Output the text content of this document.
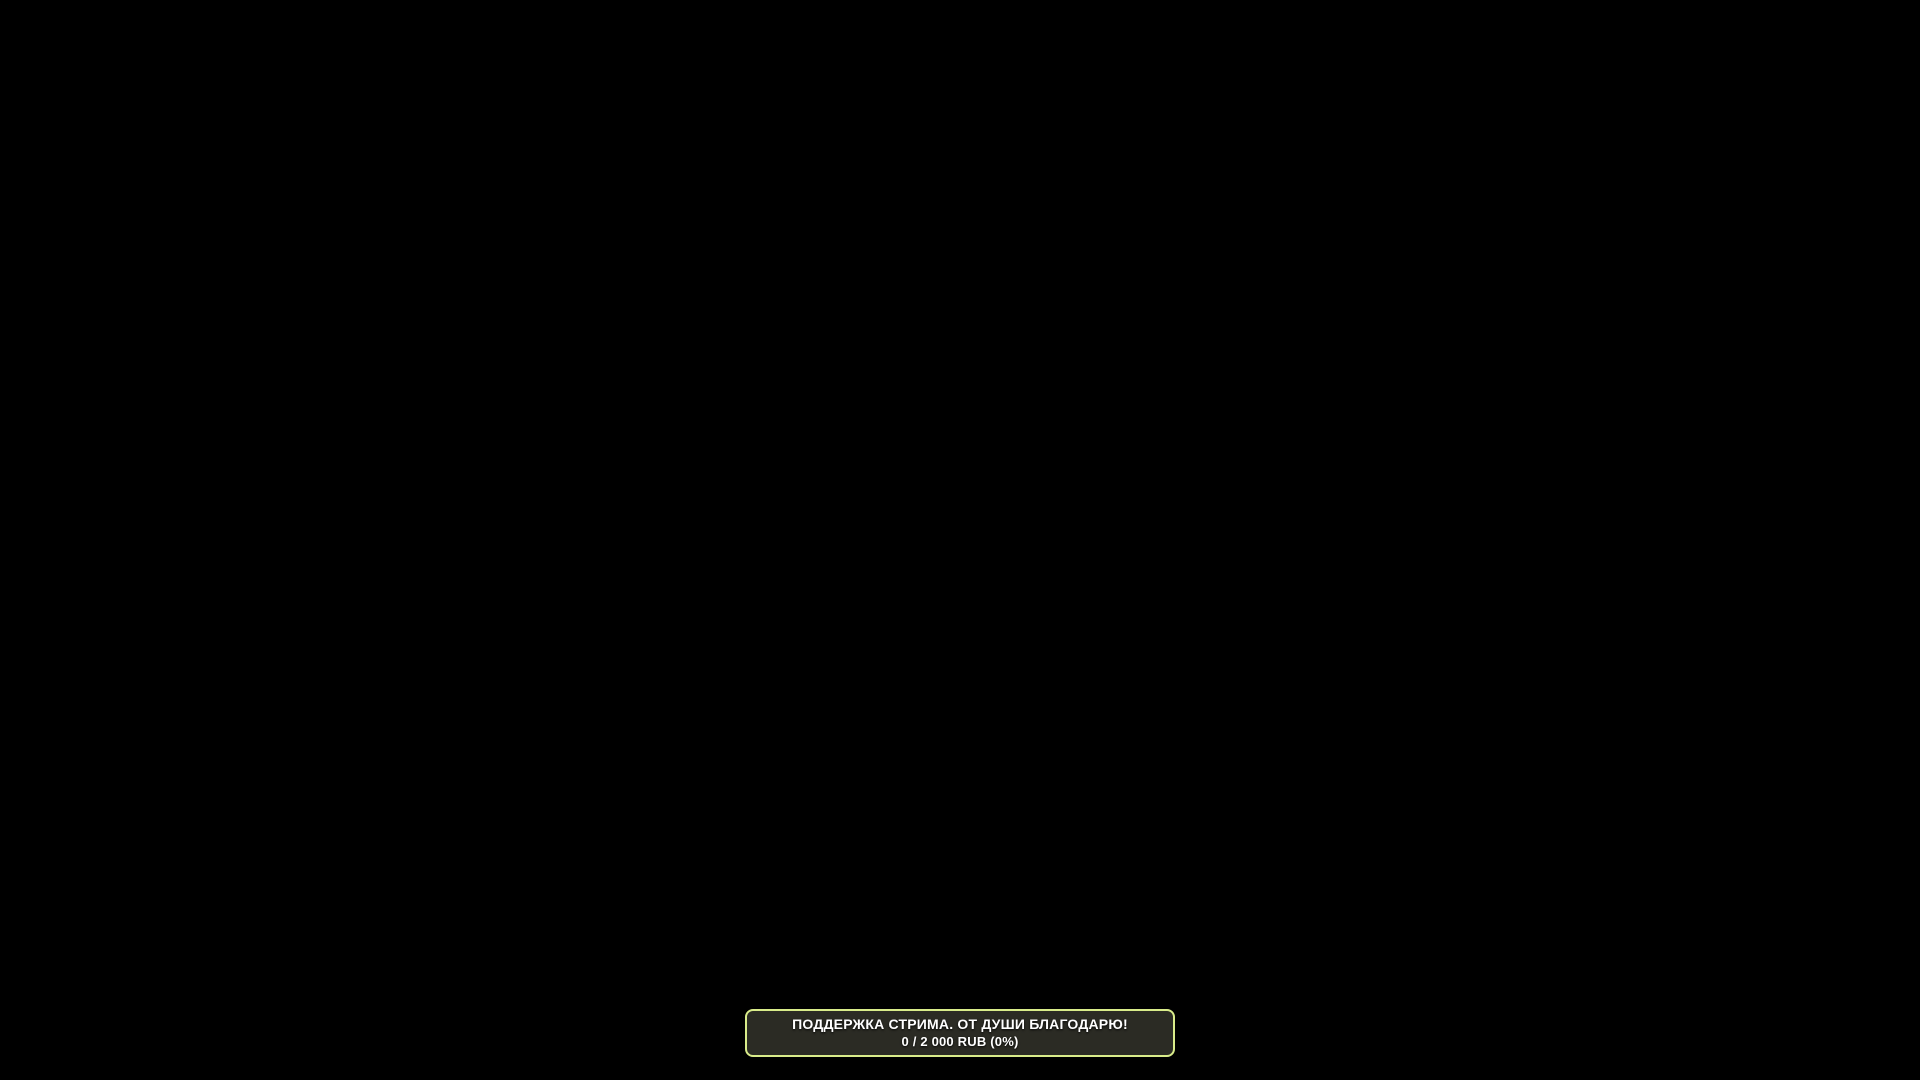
ПОДДЕРЖКА СТРИМА. ОТ ДУШИ БЛАГОДАРЮ!
0 / 2 000 RUB (0%)
